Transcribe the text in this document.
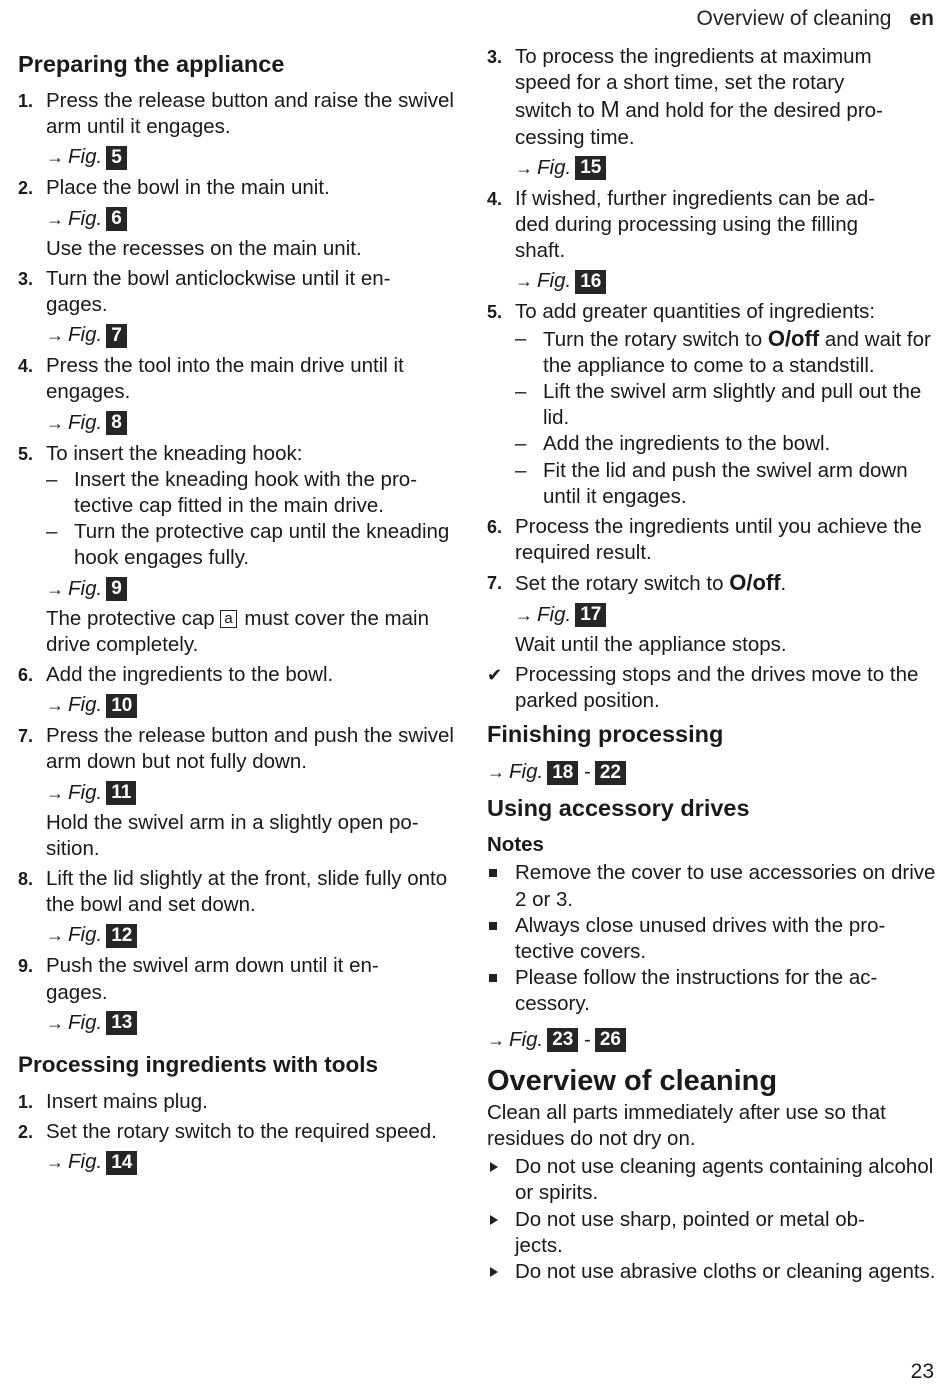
Overview of cleaning en
Preparing the appliance
1. Press the release button and raise the swivel arm until it engages.
→ Fig. 5
2. Place the bowl in the main unit.
→ Fig. 6
Use the recesses on the main unit.
3. Turn the bowl anticlockwise until it en-
gages.
→ Fig. 7
4. Press the tool into the main drive until it engages.
→ Fig. 8
5. To insert the kneading hook:
– Insert the kneading hook with the pro-
tective cap fitted in the main drive.
– Turn the protective cap until the kneading hook engages fully.
→ Fig. 9
The protective cap a must cover the main drive completely.
6. Add the ingredients to the bowl.
→ Fig. 10
7. Press the release button and push the swivel arm down but not fully down.
→ Fig. 11
Hold the swivel arm in a slightly open po-
sition.
8. Lift the lid slightly at the front, slide fully onto the bowl and set down.
→ Fig. 12
9. Push the swivel arm down until it en-
gages.
→ Fig. 13
Processing ingredients with tools
1. Insert mains plug.
2. Set the rotary switch to the required speed.
→ Fig. 14
3. To process the ingredients at maximum
speed for a short time, set the rotary
switch to M and hold for the desired pro-
cessing time.
→ Fig. 15
4. If wished, further ingredients can be ad-
ded during processing using the filling
shaft.
→ Fig. 16
5. To add greater quantities of ingredients:
– Turn the rotary switch to O/off and wait for the appliance to come to a standstill.
– Lift the swivel arm slightly and pull out the lid.
– Add the ingredients to the bowl.
– Fit the lid and push the swivel arm down until it engages.
6. Process the ingredients until you achieve the required result.
7. Set the rotary switch to O/off.
→ Fig. 17
Wait until the appliance stops.
✔ Processing stops and the drives move to the parked position.
Finishing processing
→ Fig. 18 - 22
Using accessory drives
Notes
Remove the cover to use accessories on drive 2 or 3.
Always close unused drives with the pro-
tective covers.
Please follow the instructions for the ac-
cessory.
→ Fig. 23 - 26
Overview of cleaning
Clean all parts immediately after use so that residues do not dry on.
Do not use cleaning agents containing alcohol or spirits.
Do not use sharp, pointed or metal ob-
jects.
Do not use abrasive cloths or cleaning agents.
23
